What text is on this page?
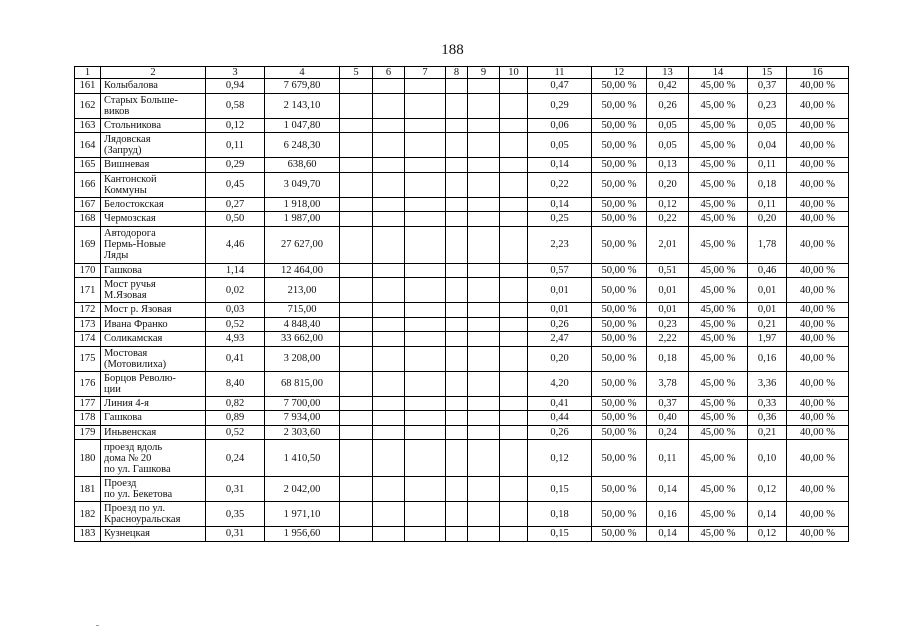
188
1	2	3	4	5	6	7	8	9	10	11	12	13	14	15	16
161	Колыбалова	0,94	7 679,80							0,47	50,00 %	0,42	45,00 %	0,37	40,00 %
162	Старых Больше-
виков	0,58	2 143,10							0,29	50,00 %	0,26	45,00 %	0,23	40,00 %
163	Стольникова	0,12	1 047,80							0,06	50,00 %	0,05	45,00 %	0,05	40,00 %
164	Лядовская
(Запруд)	0,11	6 248,30							0,05	50,00 %	0,05	45,00 %	0,04	40,00 %
165	Вишневая	0,29	638,60							0,14	50,00 %	0,13	45,00 %	0,11	40,00 %
166	Кантонской
Коммуны	0,45	3 049,70							0,22	50,00 %	0,20	45,00 %	0,18	40,00 %
167	Белостокская	0,27	1 918,00							0,14	50,00 %	0,12	45,00 %	0,11	40,00 %
168	Чермозская	0,50	1 987,00							0,25	50,00 %	0,22	45,00 %	0,20	40,00 %
169	Автодорога
Пермь-Новые
Ляды	4,46	27 627,00							2,23	50,00 %	2,01	45,00 %	1,78	40,00 %
170	Гашкова	1,14	12 464,00							0,57	50,00 %	0,51	45,00 %	0,46	40,00 %
171	Мост ручья
М.Язовая	0,02	213,00							0,01	50,00 %	0,01	45,00 %	0,01	40,00 %
172	Мост р. Язовая	0,03	715,00							0,01	50,00 %	0,01	45,00 %	0,01	40,00 %
173	Ивана Франко	0,52	4 848,40							0,26	50,00 %	0,23	45,00 %	0,21	40,00 %
174	Соликамская	4,93	33 662,00							2,47	50,00 %	2,22	45,00 %	1,97	40,00 %
175	Мостовая
(Мотовилиха)	0,41	3 208,00							0,20	50,00 %	0,18	45,00 %	0,16	40,00 %
176	Борцов Револю-
ции	8,40	68 815,00							4,20	50,00 %	3,78	45,00 %	3,36	40,00 %
177	Линия 4-я	0,82	7 700,00							0,41	50,00 %	0,37	45,00 %	0,33	40,00 %
178	Гашкова	0,89	7 934,00							0,44	50,00 %	0,40	45,00 %	0,36	40,00 %
179	Иньвенская	0,52	2 303,60							0,26	50,00 %	0,24	45,00 %	0,21	40,00 %
180	проезд вдоль
дома № 20
по ул. Гашкова	0,24	1 410,50							0,12	50,00 %	0,11	45,00 %	0,10	40,00 %
181	Проезд
по ул. Бекетова	0,31	2 042,00							0,15	50,00 %	0,14	45,00 %	0,12	40,00 %
182	Проезд по ул.
Красноуральская	0,35	1 971,10							0,18	50,00 %	0,16	45,00 %	0,14	40,00 %
183	Кузнецкая	0,31	1 956,60							0,15	50,00 %	0,14	45,00 %	0,12	40,00 %
